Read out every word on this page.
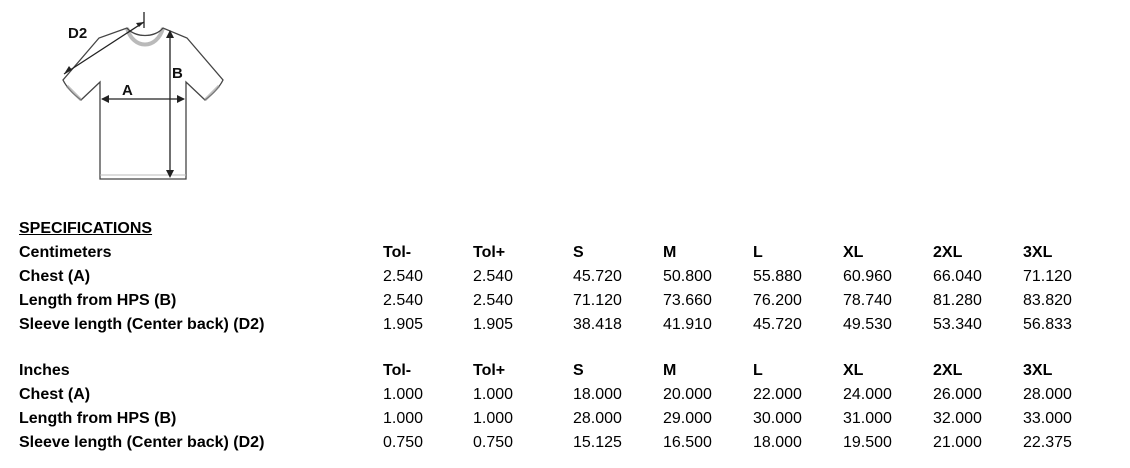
D2
A
B
SPECIFICATIONS
Centimeters	Tol-	Tol+	S	M	L	XL	2XL	3XL
Chest (A)	2.540	2.540	45.720	50.800	55.880	60.960	66.040	71.120
Length from HPS (B)	2.540	2.540	71.120	73.660	76.200	78.740	81.280	83.820
Sleeve length (Center back) (D2)	1.905	1.905	38.418	41.910	45.720	49.530	53.340	56.833
Inches	Tol-	Tol+	S	M	L	XL	2XL	3XL
Chest (A)	1.000	1.000	18.000	20.000	22.000	24.000	26.000	28.000
Length from HPS (B)	1.000	1.000	28.000	29.000	30.000	31.000	32.000	33.000
Sleeve length (Center back) (D2)	0.750	0.750	15.125	16.500	18.000	19.500	21.000	22.375
